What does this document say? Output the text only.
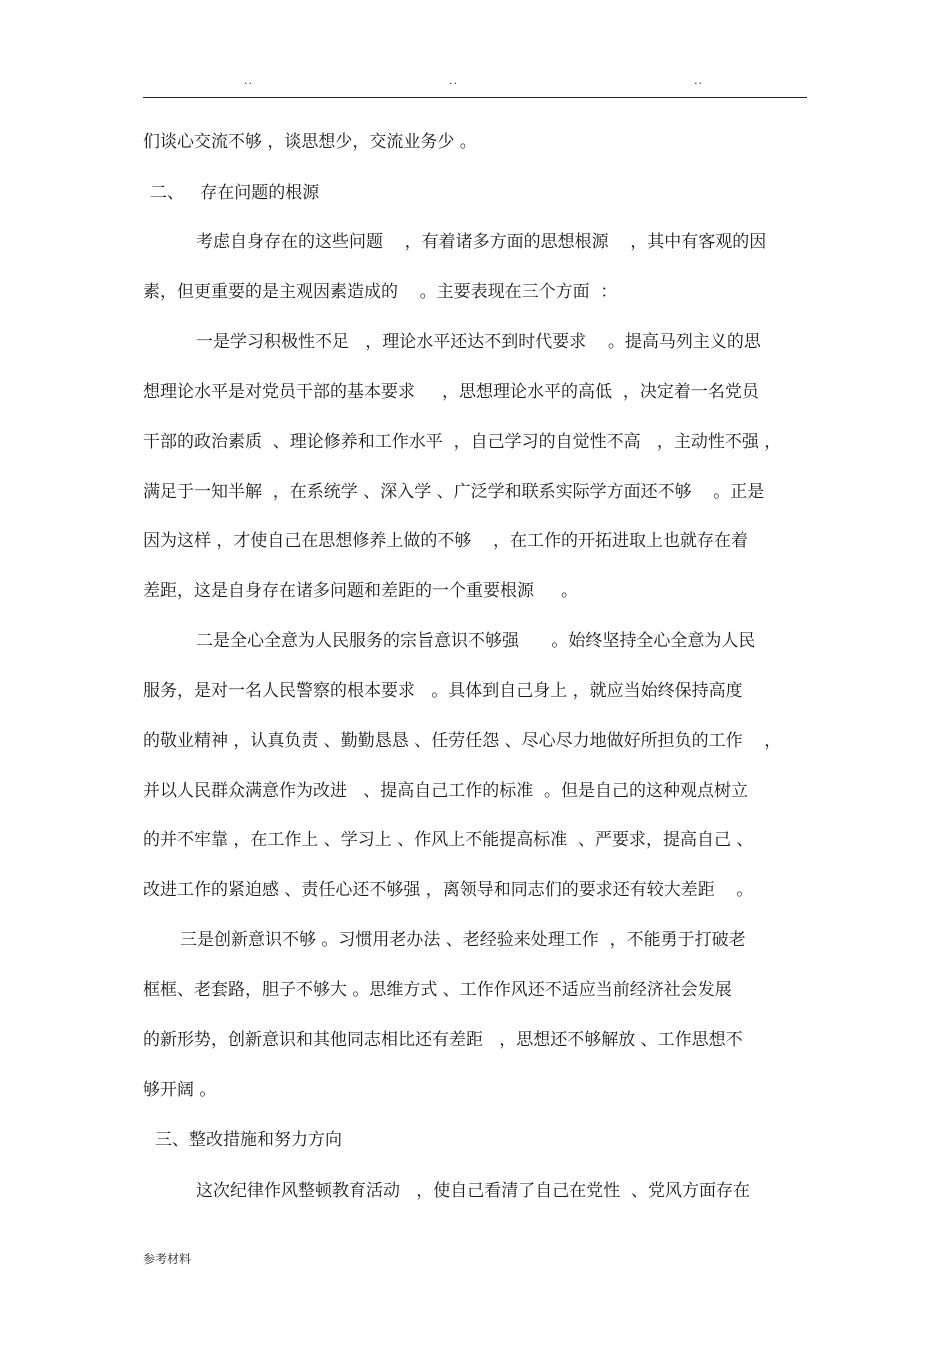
..	..	..
们谈心交流不够 ，谈思想少，交流业务少 。
二、   存在问题的根源
考虑自身存在的这些问题    ，有着诸多方面的思想根源    ，其中有客观的因
素，但更重要的是主观因素造成的    。主要表现在三个方面  ：
一是学习积极性不足   ，理论水平还达不到时代要求    。提高马列主义的思
想理论水平是对党员干部的基本要求     ，思想理论水平的高低  ，决定着一名党员
干部的政治素质  、理论修养和工作水平  ，自己学习的自觉性不高   ，主动性不强 ，
满足于一知半解  ，在系统学 、深入学 、广泛学和联系实际学方面还不够    。正是
因为这样 ，才使自己在思想修养上做的不够    ，在工作的开拓进取上也就存在着
差距，这是自身存在诸多问题和差距的一个重要根源     。
二是全心全意为人民服务的宗旨意识不够强      。始终坚持全心全意为人民
服务，是对一名人民警察的根本要求   。具体到自己身上 ，就应当始终保持高度
的敬业精神 ，认真负责 、勤勤恳恳 、任劳任怨 、尽心尽力地做好所担负的工作    ，
并以人民群众满意作为改进   、提高自己工作的标准  。但是自己的这种观点树立
的并不牢靠 ，在工作上 、学习上 、作风上不能提高标准  、严要求，提高自己 、
改进工作的紧迫感 、责任心还不够强 ，离领导和同志们的要求还有较大差距    。
三是创新意识不够 。习惯用老办法 、老经验来处理工作  ，不能勇于打破老
框框、老套路，胆子不够大 。思维方式 、工作作风还不适应当前经济社会发展
的新形势，创新意识和其他同志相比还有差距   ，思想还不够解放 、工作思想不
够开阔 。
三、整改措施和努力方向
这次纪律作风整顿教育活动   ，使自己看清了自己在党性  、党风方面存在
参考材料
